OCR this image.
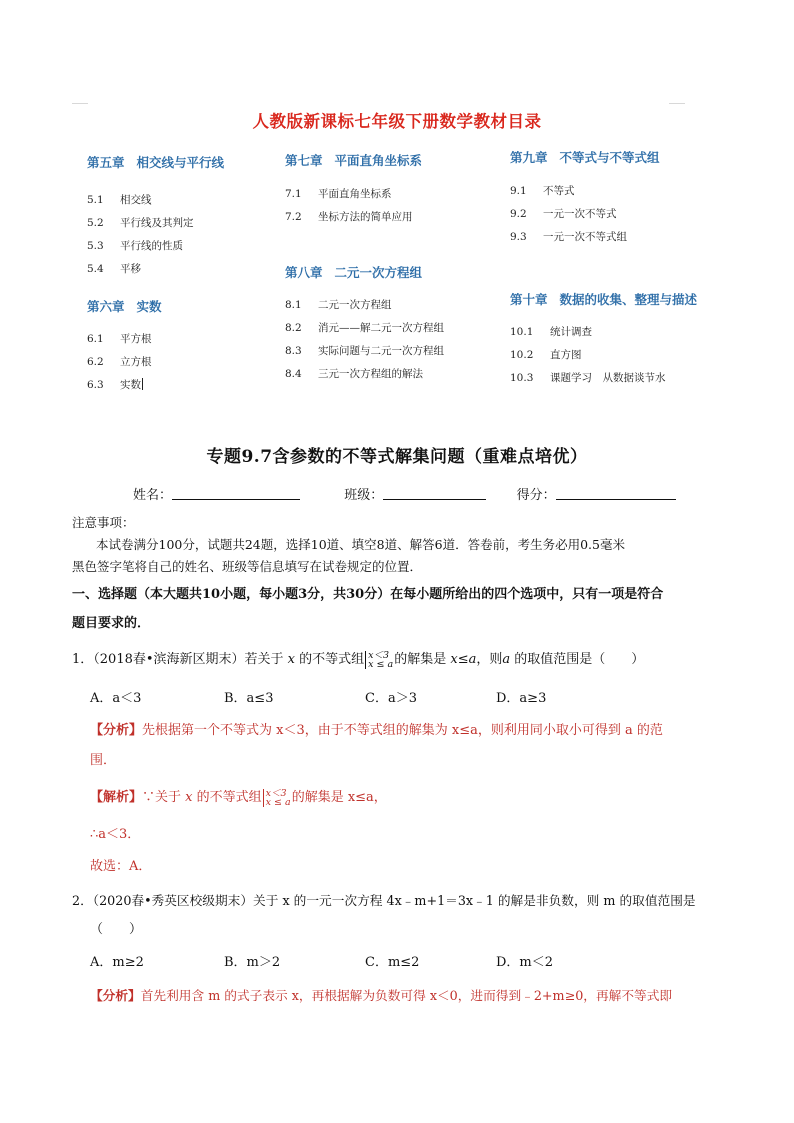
人教版新课标七年级下册数学教材目录
第五章 相交线与平行线
5.1 相交线
5.2 平行线及其判定
5.3 平行线的性质
5.4 平移
第六章 实数
6.1 平方根
6.2 立方根
6.3 实数
第七章 平面直角坐标系
7.1 平面直角坐标系
7.2 坐标方法的简单应用
第八章 二元一次方程组
8.1 二元一次方程组
8.2 消元——解二元一次方程组
8.3 实际问题与二元一次方程组
8.4 三元一次方程组的解法
第九章 不等式与不等式组
9.1 不等式
9.2 一元一次不等式
9.3 一元一次不等式组
第十章 数据的收集、整理与描述
10.1 统计调查
10.2 直方图
10.3 课题学习　从数据谈节水
专题9.7含参数的不等式解集问题（重难点培优）
姓名：	班级：	得分：
注意事项：
本试卷满分100分，试题共24题，选择10道、填空8道、解答6道．答卷前，考生务必用0.5毫米
黑色签字笔将自己的姓名、班级等信息填写在试卷规定的位置．
一、选择题（本大题共10小题，每小题3分，共30分）在每小题所给出的四个选项中，只有一项是符合
题目要求的．
1．（2018春•滨海新区期末）若关于 x 的不等式组 x＜3
x ≤ a的解集是 x≤a，则a 的取值范围是（　　）
A．a＜3	B．a≤3	C．a＞3	D．a≥3
【分析】先根据第一个不等式为 x＜3，由于不等式组的解集为 x≤a，则利用同小取小可得到 a 的范
围．
【解析】∵关于 x 的不等式组 x＜3
x ≤ a的解集是 x≤a，
∴a＜3．
故选：A．
2．（2020春•秀英区校级期末）关于 x 的一元一次方程 4x﹣m+1＝3x﹣1 的解是非负数，则 m 的取值范围是
（　　）
A．m≥2	B．m＞2	C．m≤2	D．m＜2
【分析】首先利用含 m 的式子表示 x，再根据解为负数可得 x＜0，进而得到﹣2+m≥0，再解不等式即
